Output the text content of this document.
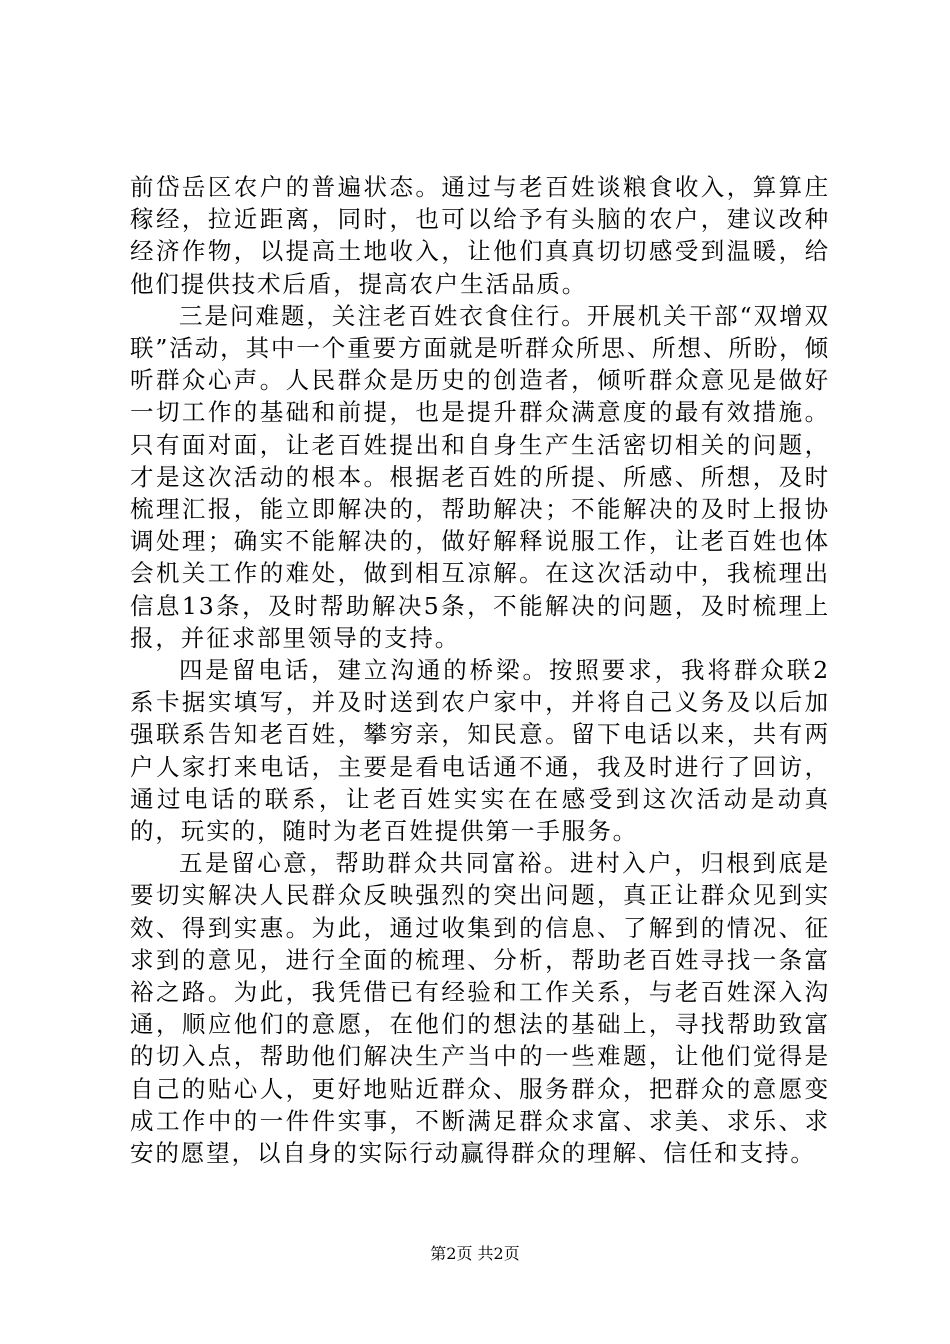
前岱岳区农户的普遍状态。通过与老百姓谈粮食收入，算算庄稼经，拉近距离，同时，也可以给予有头脑的农户，建议改种经济作物，以提高土地收入，让他们真真切切感受到温暖，给他们提供技术后盾，提高农户生活品质。

三是问难题，关注老百姓衣食住行。开展机关干部“双增双联”活动，其中一个重要方面就是听群众所思、所想、所盼，倾听群众心声。人民群众是历史的创造者，倾听群众意见是做好一切工作的基础和前提，也是提升群众满意度的最有效措施。只有面对面，让老百姓提出和自身生产生活密切相关的问题，才是这次活动的根本。根据老百姓的所提、所感、所想，及时梳理汇报，能立即解决的，帮助解决；不能解决的及时上报协调处理；确实不能解决的，做好解释说服工作，让老百姓也体会机关工作的难处，做到相互凉解。在这次活动中，我梳理出信息13条，及时帮助解决5条，不能解决的问题，及时梳理上报，并征求部里领导的支持。

四是留电话，建立沟通的桥梁。按照要求，我将群众联2系卡据实填写，并及时送到农户家中，并将自己义务及以后加强联系告知老百姓，攀穷亲，知民意。留下电话以来，共有两户人家打来电话，主要是看电话通不通，我及时进行了回访，通过电话的联系，让老百姓实实在在感受到这次活动是动真的，玩实的，随时为老百姓提供第一手服务。

五是留心意，帮助群众共同富裕。进村入户，归根到底是要切实解决人民群众反映强烈的突出问题，真正让群众见到实效、得到实惠。为此，通过收集到的信息、了解到的情况、征求到的意见，进行全面的梳理、分析，帮助老百姓寻找一条富裕之路。为此，我凭借已有经验和工作关系，与老百姓深入沟通，顺应他们的意愿，在他们的想法的基础上，寻找帮助致富的切入点，帮助他们解决生产当中的一些难题，让他们觉得是自己的贴心人，更好地贴近群众、服务群众，把群众的意愿变成工作中的一件件实事，不断满足群众求富、求美、求乐、求安的愿望，以自身的实际行动赢得群众的理解、信任和支持。

第2页 共2页
